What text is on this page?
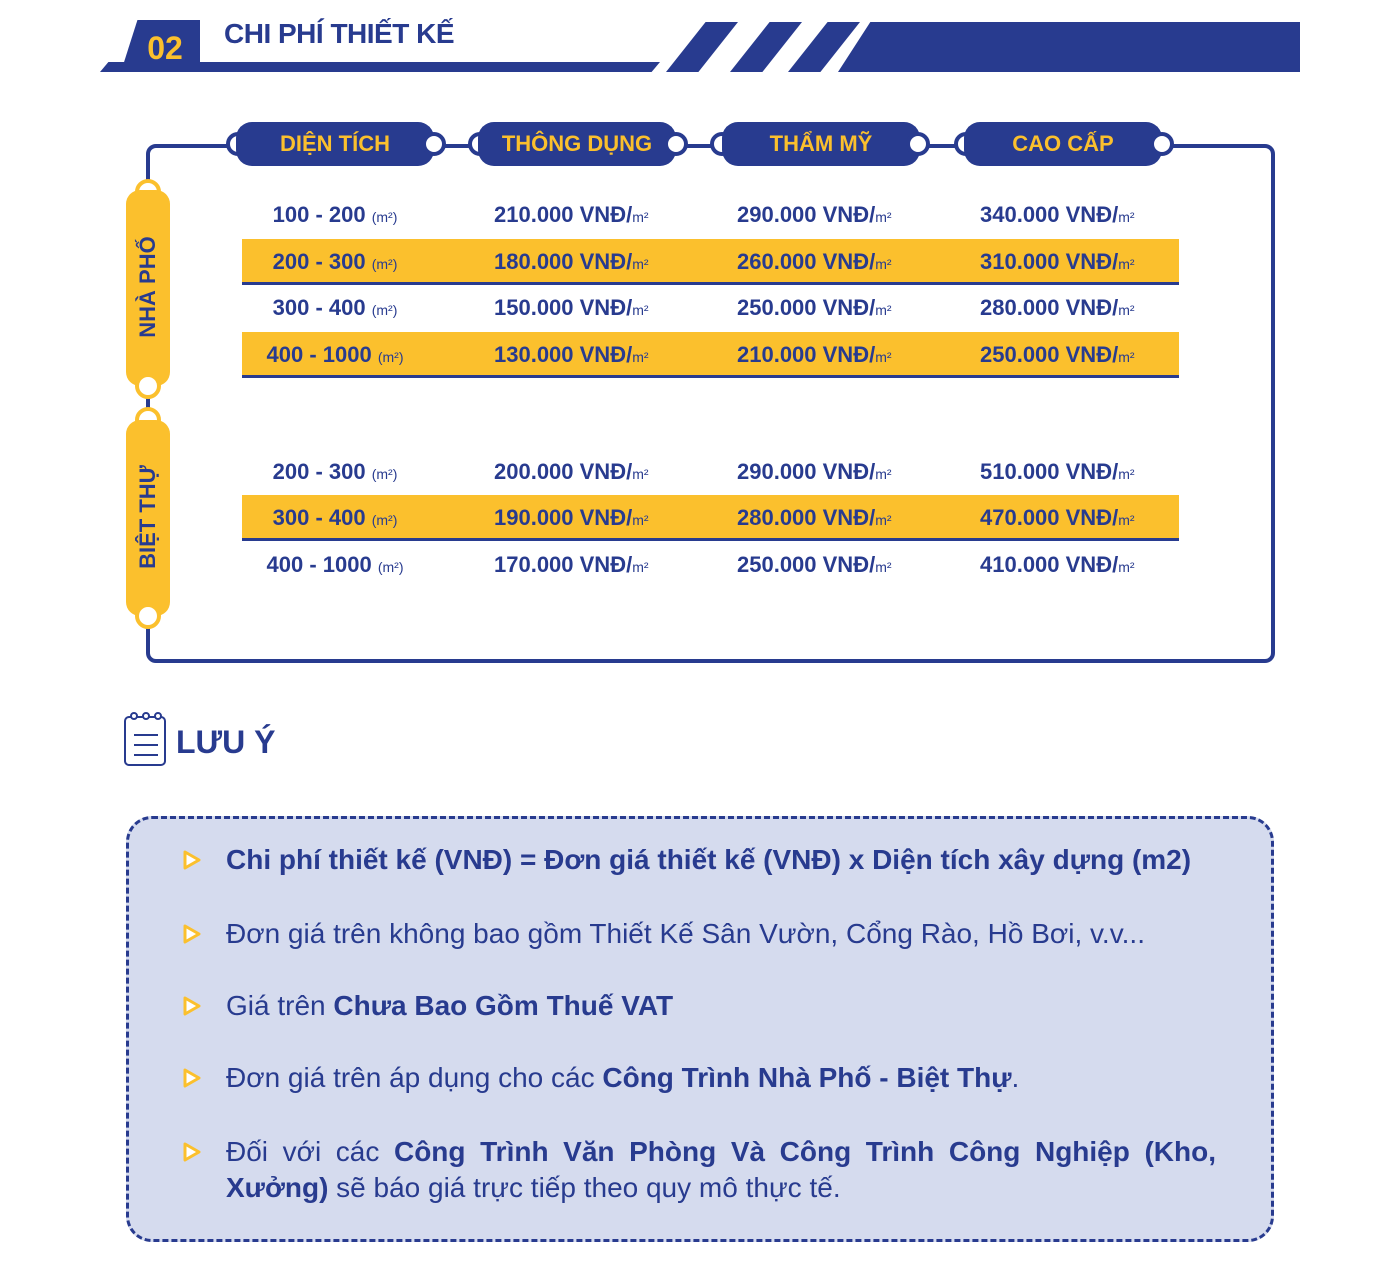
02	CHI PHÍ THIẾT KẾ
DIỆN TÍCH	THÔNG DỤNG	THẨM MỸ	CAO CẤP
NHÀ PHỐ
BIỆT THỰ
100 - 200 (m²)	210.000 VNĐ/m²	290.000 VNĐ/m²	340.000 VNĐ/m²
200 - 300 (m²)	180.000 VNĐ/m²	260.000 VNĐ/m²	310.000 VNĐ/m²
300 - 400 (m²)	150.000 VNĐ/m²	250.000 VNĐ/m²	280.000 VNĐ/m²
400 - 1000 (m²)	130.000 VNĐ/m²	210.000 VNĐ/m²	250.000 VNĐ/m²
200 - 300 (m²)	200.000 VNĐ/m²	290.000 VNĐ/m²	510.000 VNĐ/m²
300 - 400 (m²)	190.000 VNĐ/m²	280.000 VNĐ/m²	470.000 VNĐ/m²
400 - 1000 (m²)	170.000 VNĐ/m²	250.000 VNĐ/m²	410.000 VNĐ/m²
LƯU Ý
Chi phí thiết kế (VNĐ) = Đơn giá thiết kế (VNĐ) x Diện tích xây dựng (m2)
Đơn giá trên không bao gồm Thiết Kế Sân Vườn, Cổng Rào, Hồ Bơi, v.v...
Giá trên Chưa Bao Gồm Thuế VAT
Đơn giá trên áp dụng cho các Công Trình Nhà Phố - Biệt Thự.
Đối với các Công Trình Văn Phòng Và Công Trình Công Nghiệp (Kho, Xưởng) sẽ báo giá trực tiếp theo quy mô thực tế.
